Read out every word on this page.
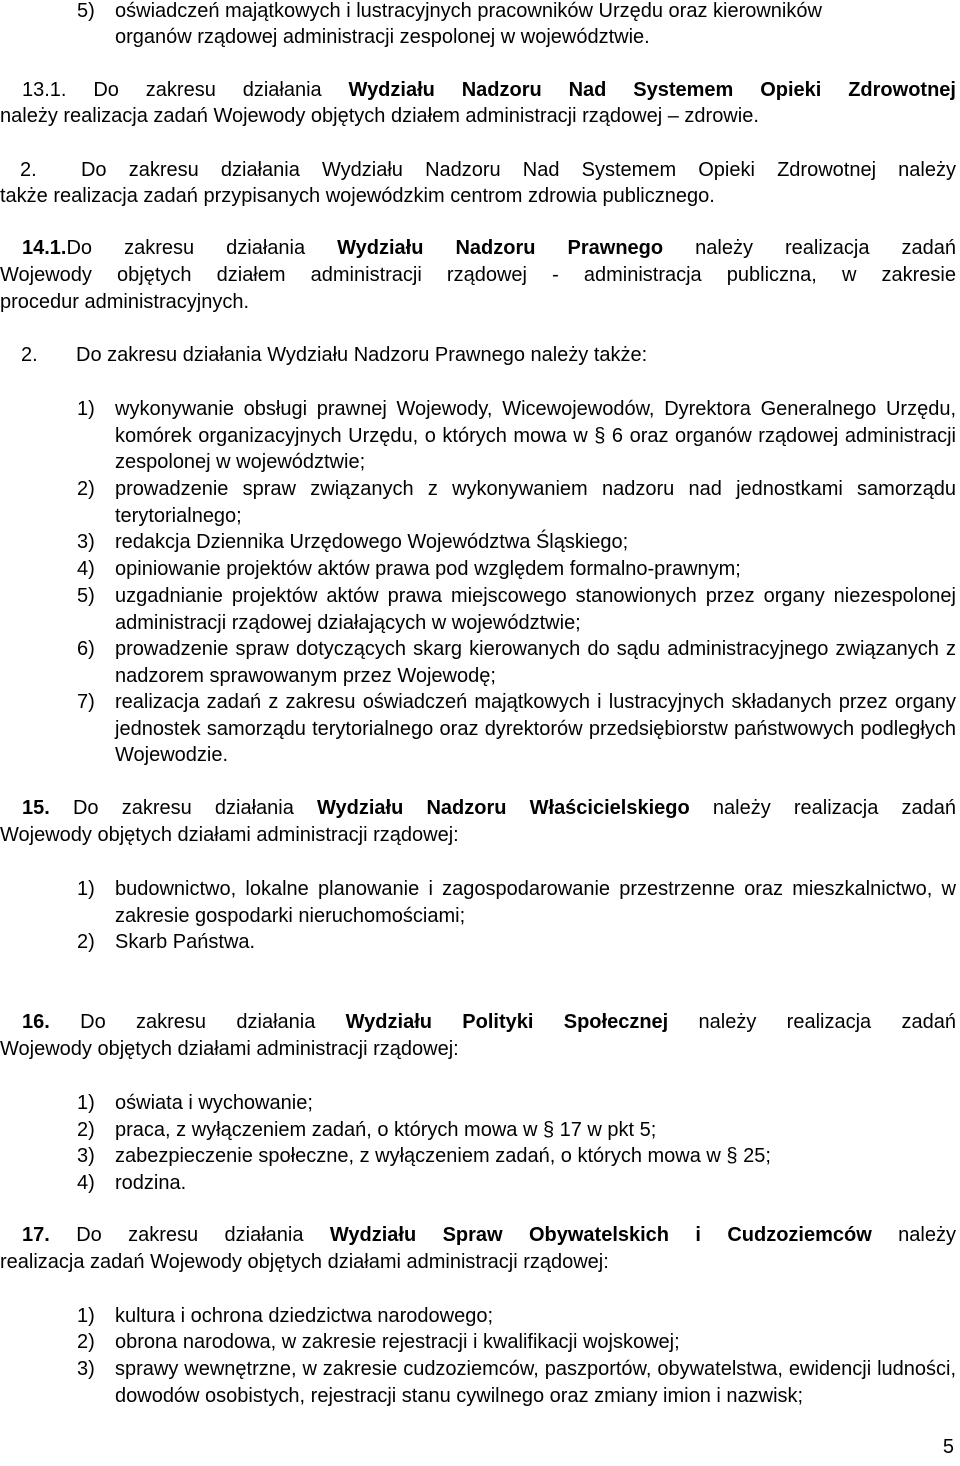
5) oświadczeń majątkowych i lustracyjnych pracowników Urzędu oraz kierowników
organów rządowej administracji zespolonej w województwie.
13.1. Do zakresu działania Wydziału Nadzoru Nad Systemem Opieki Zdrowotnej
należy realizacja zadań Wojewody objętych działem administracji rządowej – zdrowie.
2. Do zakresu działania Wydziału Nadzoru Nad Systemem Opieki Zdrowotnej należy
także realizacja zadań przypisanych wojewódzkim centrom zdrowia publicznego.
14.1.Do zakresu działania Wydziału Nadzoru Prawnego należy realizacja zadań
Wojewody objętych działem administracji rządowej - administracja publiczna, w zakresie
procedur administracyjnych.
2. Do zakresu działania Wydziału Nadzoru Prawnego należy także:
1) wykonywanie obsługi prawnej Wojewody, Wicewojewodów, Dyrektora Generalnego Urzędu, komórek organizacyjnych Urzędu, o których mowa w § 6 oraz organów rządowej administracji zespolonej w województwie;
2) prowadzenie spraw związanych z wykonywaniem nadzoru nad jednostkami samorządu terytorialnego;
3) redakcja Dziennika Urzędowego Województwa Śląskiego;
4) opiniowanie projektów aktów prawa pod względem formalno-prawnym;
5) uzgadnianie projektów aktów prawa miejscowego stanowionych przez organy niezespolonej administracji rządowej działających w województwie;
6) prowadzenie spraw dotyczących skarg kierowanych do sądu administracyjnego związanych z nadzorem sprawowanym przez Wojewodę;
7) realizacja zadań z zakresu oświadczeń majątkowych i lustracyjnych składanych przez organy jednostek samorządu terytorialnego oraz dyrektorów przedsiębiorstw państwowych podległych Wojewodzie.
15. Do zakresu działania Wydziału Nadzoru Właścicielskiego należy realizacja zadań
Wojewody objętych działami administracji rządowej:
1) budownictwo, lokalne planowanie i zagospodarowanie przestrzenne oraz mieszkalnictwo, w zakresie gospodarki nieruchomościami;
2) Skarb Państwa.
16. Do zakresu działania Wydziału Polityki Społecznej należy realizacja zadań
Wojewody objętych działami administracji rządowej:
1) oświata i wychowanie;
2) praca, z wyłączeniem zadań, o których mowa w § 17 w pkt 5;
3) zabezpieczenie społeczne, z wyłączeniem zadań, o których mowa w § 25;
4) rodzina.
17. Do zakresu działania Wydziału Spraw Obywatelskich i Cudzoziemców należy
realizacja zadań Wojewody objętych działami administracji rządowej:
1) kultura i ochrona dziedzictwa narodowego;
2) obrona narodowa, w zakresie rejestracji i kwalifikacji wojskowej;
3) sprawy wewnętrzne, w zakresie cudzoziemców, paszportów, obywatelstwa, ewidencji ludności, dowodów osobistych, rejestracji stanu cywilnego oraz zmiany imion i nazwisk;
5
